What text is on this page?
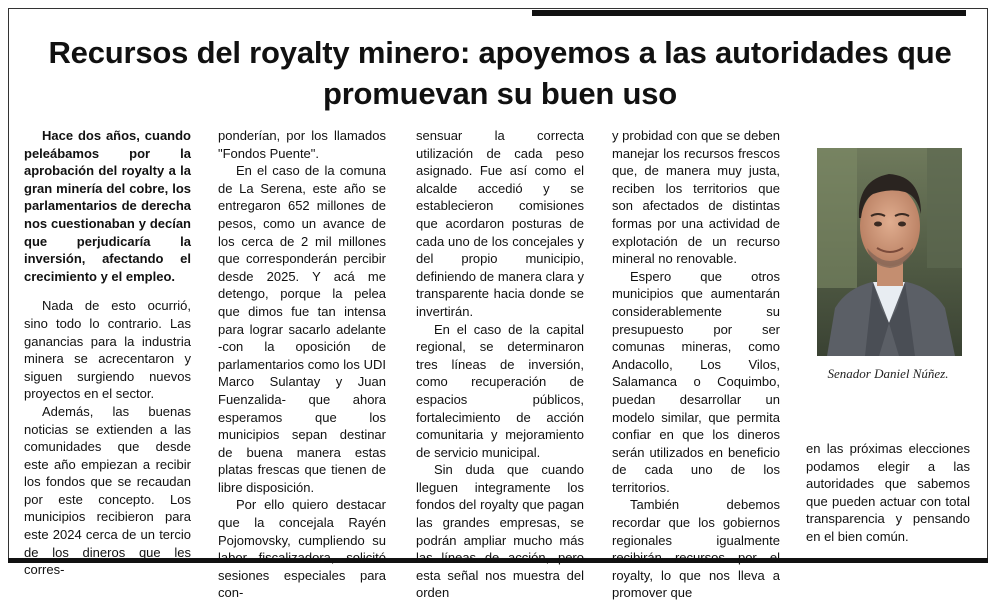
Recursos del royalty minero: apoyemos a las autoridades que promuevan su buen uso

Hace dos años, cuando peleábamos por la aprobación del royalty a la gran minería del cobre, los parlamentarios de derecha nos cuestionaban y decían que perjudicaría la inversión, afectando el crecimiento y el empleo.

Nada de esto ocurrió, sino todo lo contrario. Las ganancias para la industria minera se acrecentaron y siguen surgiendo nuevos proyectos en el sector.

Además, las buenas noticias se extienden a las comunidades que desde este año empiezan a recibir los fondos que se recaudan por este concepto. Los municipios recibieron para este 2024 cerca de un tercio de los dineros que les corres-

ponderían, por los llamados "Fondos Puente".

En el caso de la comuna de La Serena, este año se entregaron 652 millones de pesos, como un avance de los cerca de 2 mil millones que corresponderán percibir desde 2025. Y acá me detengo, porque la pelea que dimos fue tan intensa para lograr sacarlo adelante -con la oposición de parlamentarios como los UDI Marco Sulantay y Juan Fuenzalida- que ahora esperamos que los municipios sepan destinar de buena manera estas platas frescas que tienen de libre disposición.

Por ello quiero destacar que la concejala Rayén Pojomovsky, cumpliendo su labor fiscalizadora, solicitó sesiones especiales para con-

sensuar la correcta utilización de cada peso asignado. Fue así como el alcalde accedió y se establecieron comisiones que acordaron posturas de cada uno de los concejales y del propio municipio, definiendo de manera clara y transparente hacia donde se invertirán.

En el caso de la capital regional, se determinaron tres líneas de inversión, como recuperación de espacios públicos, fortalecimiento de acción comunitaria y mejoramiento de servicio municipal.

Sin duda que cuando lleguen integramente los fondos del royalty que pagan las grandes empresas, se podrán ampliar mucho más las líneas de acción, pero esta señal nos muestra del orden

y probidad con que se deben manejar los recursos frescos que, de manera muy justa, reciben los territorios que son afectados de distintas formas por una actividad de explotación de un recurso mineral no renovable.

Espero que otros municipios que aumentarán considerablemente su presupuesto por ser comunas mineras, como Andacollo, Los Vilos, Salamanca o Coquimbo, puedan desarrollar un modelo similar, que permita confiar en que los dineros serán utilizados en beneficio de cada uno de los territorios.

También debemos recordar que los gobiernos regionales igualmente recibirán recursos por el royalty, lo que nos lleva a promover que

Senador Daniel Núñez.

en las próximas elecciones podamos elegir a las autoridades que sabemos que pueden actuar con total transparencia y pensando en el bien común.
